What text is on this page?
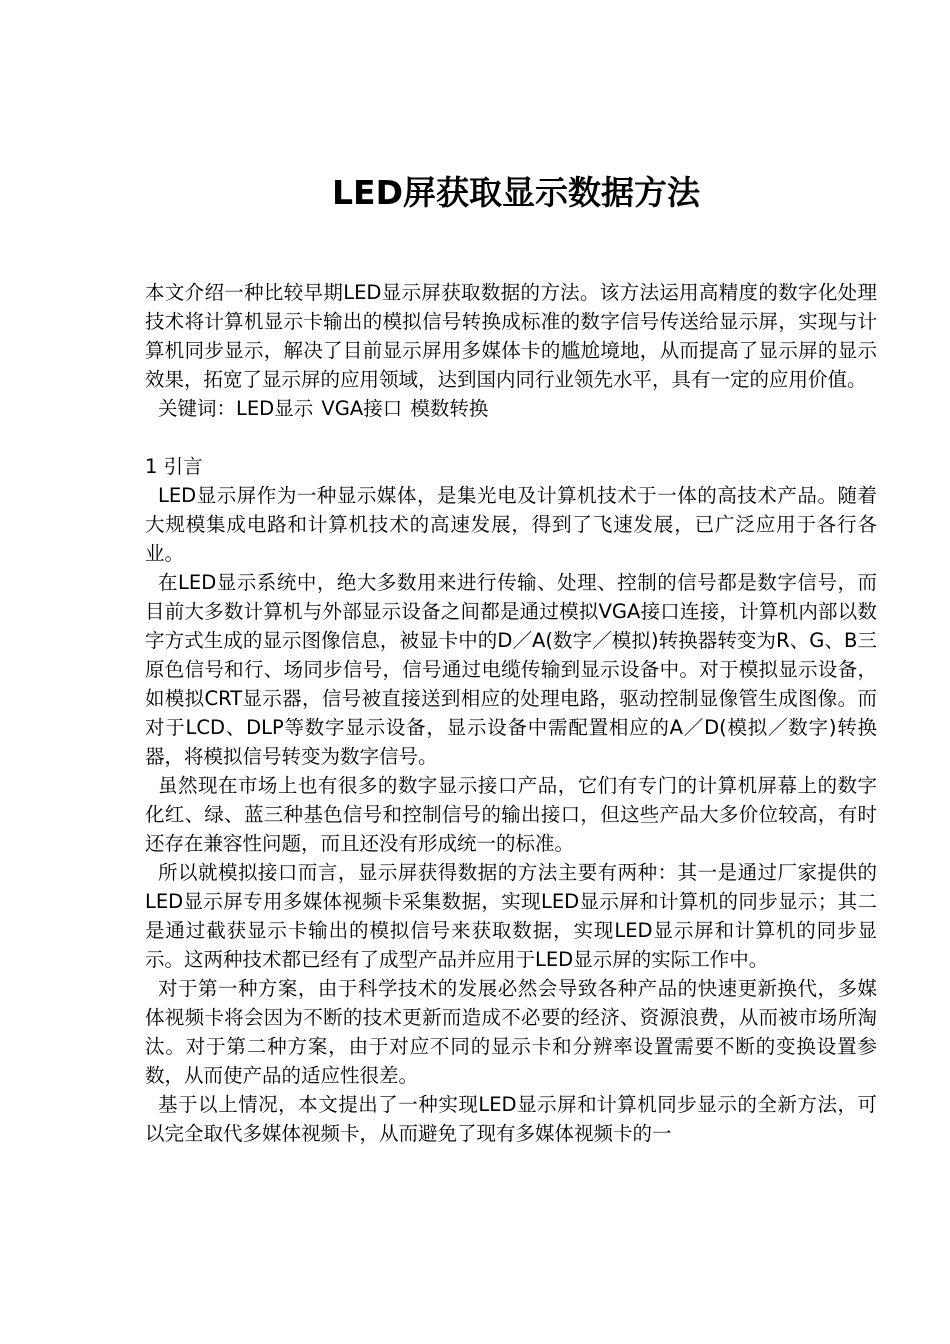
LED屏获取显示数据方法

本文介绍一种比较早期LED显示屏获取数据的方法。该方法运用高精度的数字化处理技术将计算机显示卡输出的模拟信号转换成标准的数字信号传送给显示屏，实现与计算机同步显示，解决了目前显示屏用多媒体卡的尴尬境地，从而提高了显示屏的显示效果，拓宽了显示屏的应用领域，达到国内同行业领先水平，具有一定的应用价值。

关键词：LED显示 VGA接口 模数转换

1 引言

LED显示屏作为一种显示媒体，是集光电及计算机技术于一体的高技术产品。随着大规模集成电路和计算机技术的高速发展，得到了飞速发展，已广泛应用于各行各业。

在LED显示系统中，绝大多数用来进行传输、处理、控制的信号都是数字信号，而目前大多数计算机与外部显示设备之间都是通过模拟VGA接口连接，计算机内部以数字方式生成的显示图像信息，被显卡中的D／A(数字／模拟)转换器转变为R、G、B三原色信号和行、场同步信号，信号通过电缆传输到显示设备中。对于模拟显示设备，如模拟CRT显示器，信号被直接送到相应的处理电路，驱动控制显像管生成图像。而对于LCD、DLP等数字显示设备，显示设备中需配置相应的A／D(模拟／数字)转换器，将模拟信号转变为数字信号。

虽然现在市场上也有很多的数字显示接口产品，它们有专门的计算机屏幕上的数字化红、绿、蓝三种基色信号和控制信号的输出接口，但这些产品大多价位较高，有时还存在兼容性问题，而且还没有形成统一的标准。

所以就模拟接口而言，显示屏获得数据的方法主要有两种：其一是通过厂家提供的LED显示屏专用多媒体视频卡采集数据，实现LED显示屏和计算机的同步显示；其二是通过截获显示卡输出的模拟信号来获取数据，实现LED显示屏和计算机的同步显示。这两种技术都已经有了成型产品并应用于LED显示屏的实际工作中。

对于第一种方案，由于科学技术的发展必然会导致各种产品的快速更新换代，多媒体视频卡将会因为不断的技术更新而造成不必要的经济、资源浪费，从而被市场所淘汰。对于第二种方案，由于对应不同的显示卡和分辨率设置需要不断的变换设置参数，从而使产品的适应性很差。

基于以上情况，本文提出了一种实现LED显示屏和计算机同步显示的全新方法，可以完全取代多媒体视频卡，从而避免了现有多媒体视频卡的一
